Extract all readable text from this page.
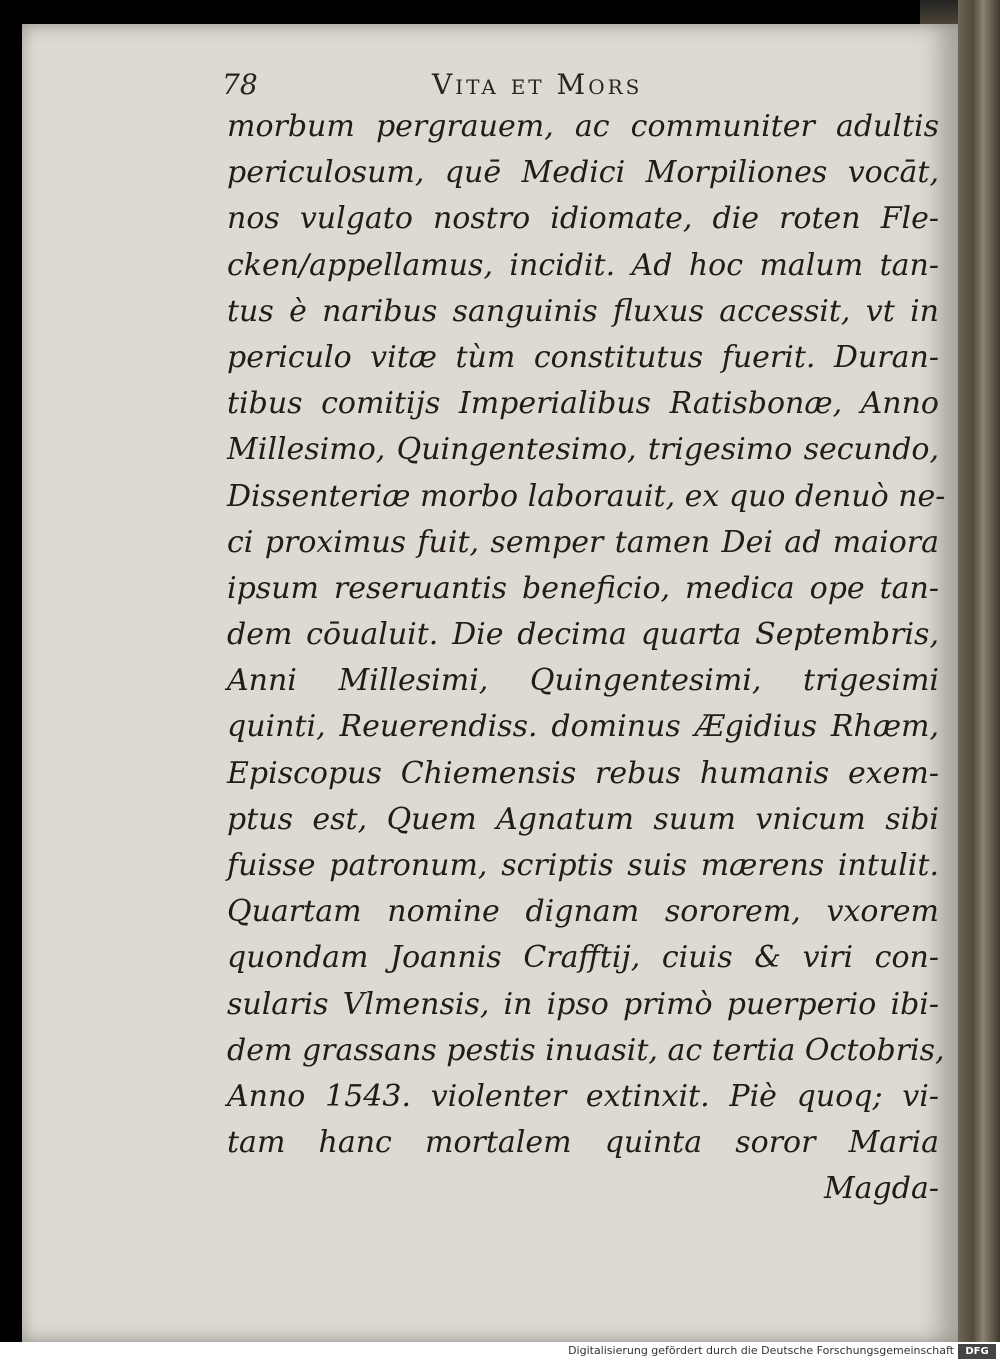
78	Vita et Mors
morbum pergrauem, ac communiter adultis
periculosum, quē Medici Morpiliones vocāt,
nos vulgato nostro idiomate, die roten Fle-
cken/appellamus, incidit. Ad hoc malum tan-
tus è naribus sanguinis fluxus accessit, vt in
periculo vitæ tùm constitutus fuerit. Duran-
tibus comitijs Imperialibus Ratisbonæ, Anno
Millesimo, Quingentesimo, trigesimo secundo,
Dissenteriæ morbo laborauit, ex quo denuò ne-
ci proximus fuit, semper tamen Dei ad maiora
ipsum reseruantis beneficio, medica ope tan-
dem cōualuit. Die decima quarta Septembris,
Anni Millesimi, Quingentesimi, trigesimi
quinti, Reuerendiss. dominus Ægidius Rhæm,
Episcopus Chiemensis rebus humanis exem-
ptus est, Quem Agnatum suum vnicum sibi
fuisse patronum, scriptis suis mærens intulit.
Quartam nomine dignam sororem, vxorem
quondam Joannis Crafftij, ciuis & viri con-
sularis Vlmensis, in ipso primò puerperio ibi-
dem grassans pestis inuasit, ac tertia Octobris,
Anno 1543. violenter extinxit. Piè quoq; vi-
tam hanc mortalem quinta soror Maria
Magda-
Digitalisierung gefördert durch die Deutsche Forschungsgemeinschaft	DFG
